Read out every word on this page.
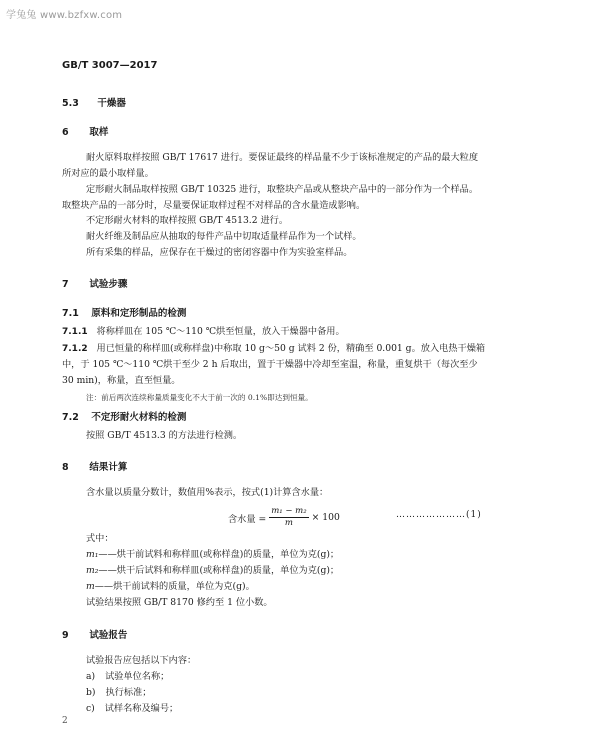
学兔兔 www.bzfxw.com
GB/T 3007—2017
5.3 干燥器
6 取样
耐火原料取样按照 GB/T 17617 进行。要保证最终的样品量不少于该标准规定的产品的最大粒度
所对应的最小取样量。
定形耐火制品取样按照 GB/T 10325 进行，取整块产品或从整块产品中的一部分作为一个样品。
取整块产品的一部分时，尽量要保证取样过程不对样品的含水量造成影响。
不定形耐火材料的取样按照 GB/T 4513.2 进行。
耐火纤维及制品应从抽取的每件产品中切取适量样品作为一个试样。
所有采集的样品，应保存在干燥过的密闭容器中作为实验室样品。
7 试验步骤
7.1 原料和定形制品的检测
7.1.1 将称样皿在 105 ℃～110 ℃烘至恒量，放入干燥器中备用。
7.1.2 用已恒量的称样皿(或称样盘)中称取 10 g～50 g 试料 2 份，精确至 0.001 g。放入电热干燥箱
中，于 105 ℃～110 ℃烘干至少 2 h 后取出，置于干燥器中冷却至室温，称量，重复烘干（每次至少
30 min)，称量，直至恒量。
注：前后两次连续称量质量变化不大于前一次的 0.1%即达到恒量。
7.2 不定形耐火材料的检测
按照 GB/T 4513.3 的方法进行检测。
8 结果计算
含水量以质量分数计，数值用%表示，按式(1)计算含水量：
含水量 = $\frac{\text{m₁ − m₂}}{m} \times 100$	…………………(1)
式中：
m₁——烘干前试料和称样皿(或称样盘)的质量，单位为克(g)；
m₂——烘干后试料和称样皿(或称样盘)的质量，单位为克(g)；
m——烘干前试料的质量，单位为克(g)。
试验结果按照 GB/T 8170 修约至 1 位小数。
9 试验报告
试验报告应包括以下内容：
a) 试验单位名称；
b) 执行标准；
c) 试样名称及编号；
2
